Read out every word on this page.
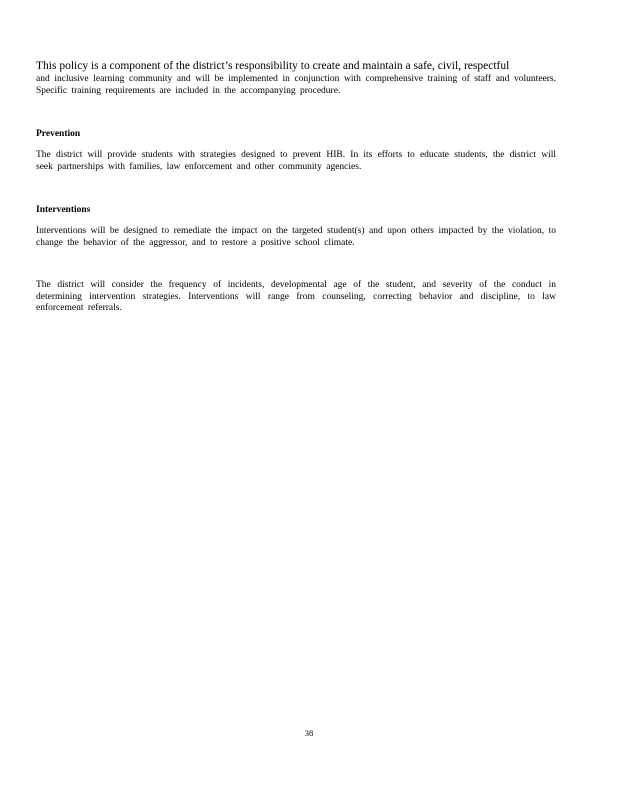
This policy is a component of the district’s responsibility to create and maintain a safe, civil, respectful
and inclusive learning community and will be implemented in conjunction with comprehensive training of staff and volunteers. Specific training requirements are included in the accompanying procedure.
Prevention
The district will provide students with strategies designed to prevent HIB. In its efforts to educate students, the district will seek partnerships with families, law enforcement and other community agencies.
Interventions
Interventions will be designed to remediate the impact on the targeted student(s) and upon others impacted by the violation, to change the behavior of the aggressor, and to restore a positive school climate.
The district will consider the frequency of incidents, developmental age of the student, and severity of the conduct in determining intervention strategies. Interventions will range from counseling, correcting behavior and discipline, to law enforcement referrals.
38
